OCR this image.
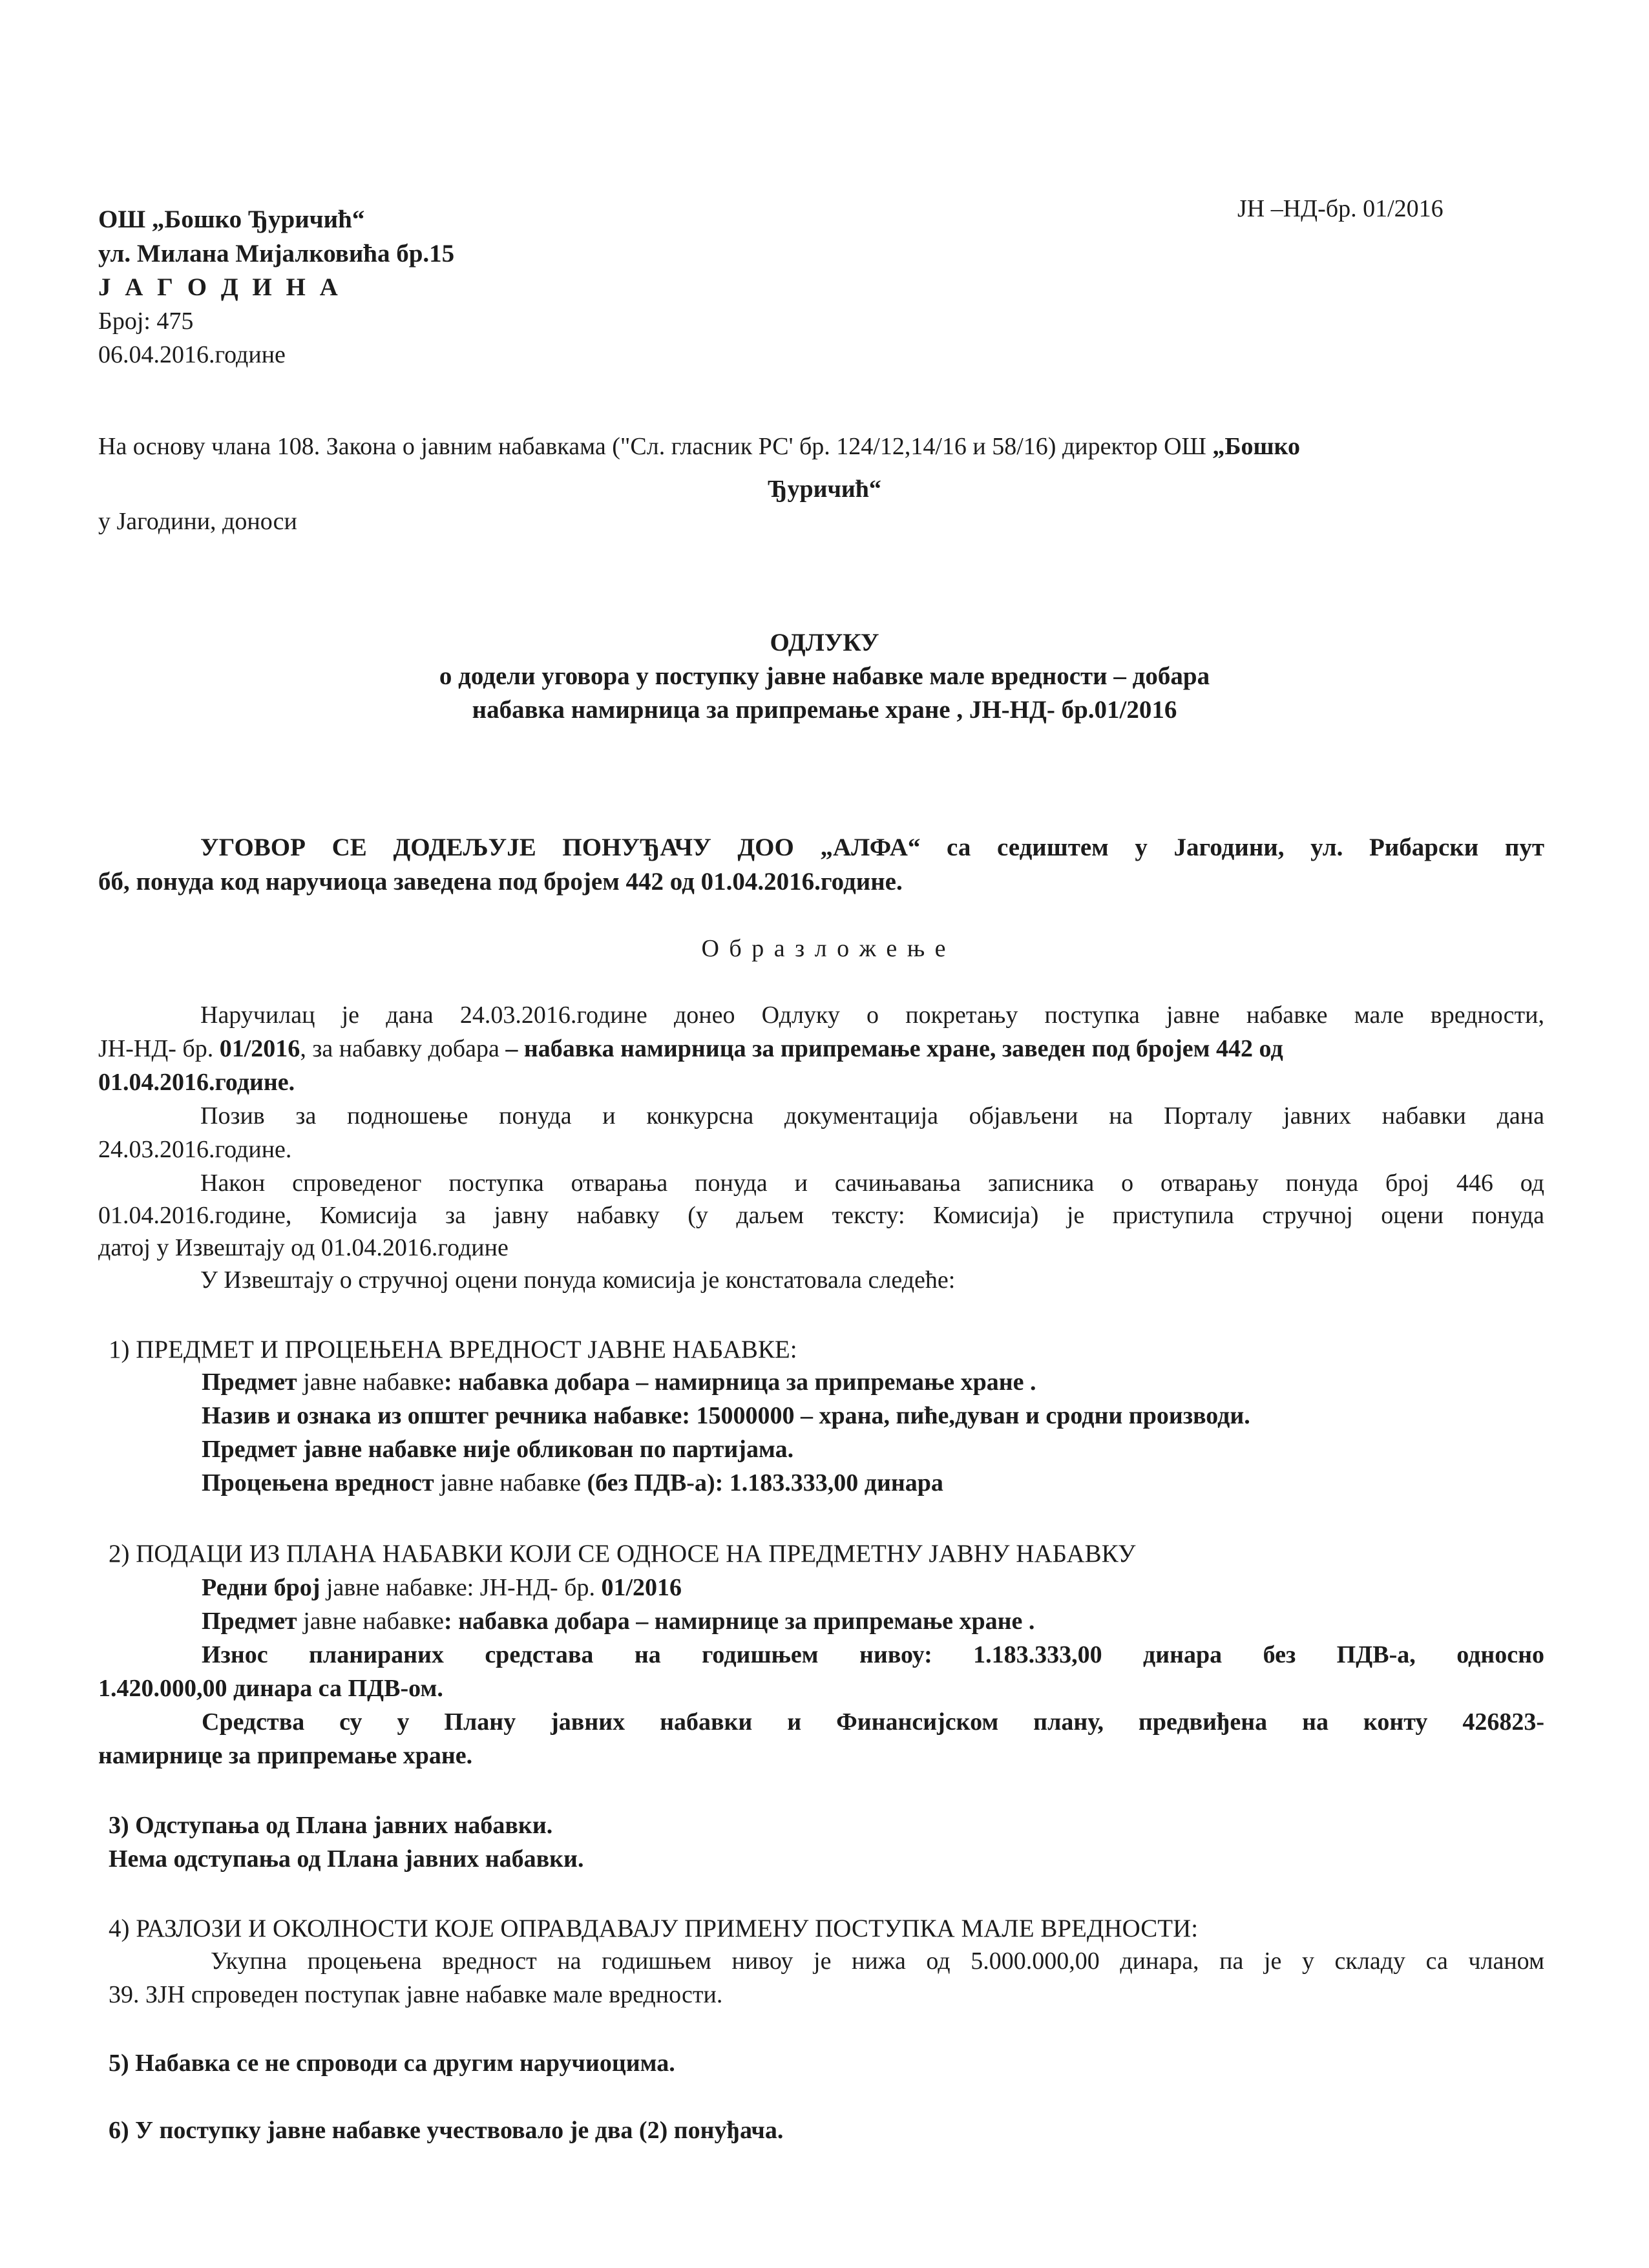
ОШ „Бошко Ђуричић“
ул. Милана Мијалковића бр.15
Ј А Г О Д И Н А
Број: 475
06.04.2016.године
ЈН –НД-бр. 01/2016
На основу члана 108. Закона о јавним набавкама ("Сл. гласник РС' бр. 124/12,14/16 и 58/16) директор ОШ „Бошко
Ђуричић“
у Јагодини, доноси
ОДЛУКУ
о додели уговора у поступку јавне набавке мале вредности – добара
набавка намирница за припремање хране , ЈН-НД- бр.01/2016
УГОВОР СЕ ДОДЕЉУЈЕ ПОНУЂАЧУ ДОО „АЛФА“ са седиштем у Јагодини, ул. Рибарски пут
бб, понуда код наручиоца заведена под бројем 442 од 01.04.2016.године.
О б р а з л о ж е њ е
Наручилац је дана 24.03.2016.године донео Одлуку о покретању поступка јавне набавке мале вредности,
ЈН-НД- бр. 01/2016, за набавку добара – набавка намирница за припремање хране, заведен под бројем 442 од
01.04.2016.године.
Позив за подношење понуда и конкурсна документација објављени на Порталу јавних набавки дана
24.03.2016.године.
Након спроведеног поступка отварања понуда и сачињавања записника о отварању понуда број 446 од
01.04.2016.године, Комисија за јавну набавку (у даљем тексту: Комисија) је приступила стручној оцени понуда
датој у Извештају од 01.04.2016.године
У Извештају о стручној оцени понуда комисија је констатовала следеће:
1) ПРЕДМЕТ И ПРОЦЕЊЕНА ВРЕДНОСТ ЈАВНЕ НАБАВКЕ:
Предмет јавне набавке: набавка добара – намирница за припремање хране .
Назив и ознака из општег речника набавке: 15000000 – храна, пиће,дуван и сродни производи.
Предмет јавне набавке није обликован по партијама.
Процењена вредност јавне набавке (без ПДВ-а): 1.183.333,00 динара
2) ПОДАЦИ ИЗ ПЛАНА НАБАВКИ КОЈИ СЕ ОДНОСЕ НА ПРЕДМЕТНУ ЈАВНУ НАБАВКУ
Редни број јавне набавке: ЈН-НД- бр. 01/2016
Предмет јавне набавке: набавка добара – намирнице за припремање хране .
Износ планираних средстава на годишњем нивоу: 1.183.333,00 динара без ПДВ-а, односно
1.420.000,00 динара са ПДВ-ом.
Средства су у Плану јавних набавки и Финансијском плану, предвиђена на конту 426823-
намирнице за припремање хране.
3) Одступања од Плана јавних набавки.
Нема одступања од Плана јавних набавки.
4) РАЗЛОЗИ И ОКОЛНОСТИ КОЈЕ ОПРАВДАВАЈУ ПРИМЕНУ ПОСТУПКА МАЛЕ ВРЕДНОСТИ:
Укупна процењена вредност на годишњем нивоу је нижа од 5.000.000,00 динара, па је у складу са чланом
39. ЗЈН спроведен поступак јавне набавке мале вредности.
5) Набавка се не спроводи са другим наручиоцима.
6) У поступку јавне набавке учествовало је два (2) понуђача.
